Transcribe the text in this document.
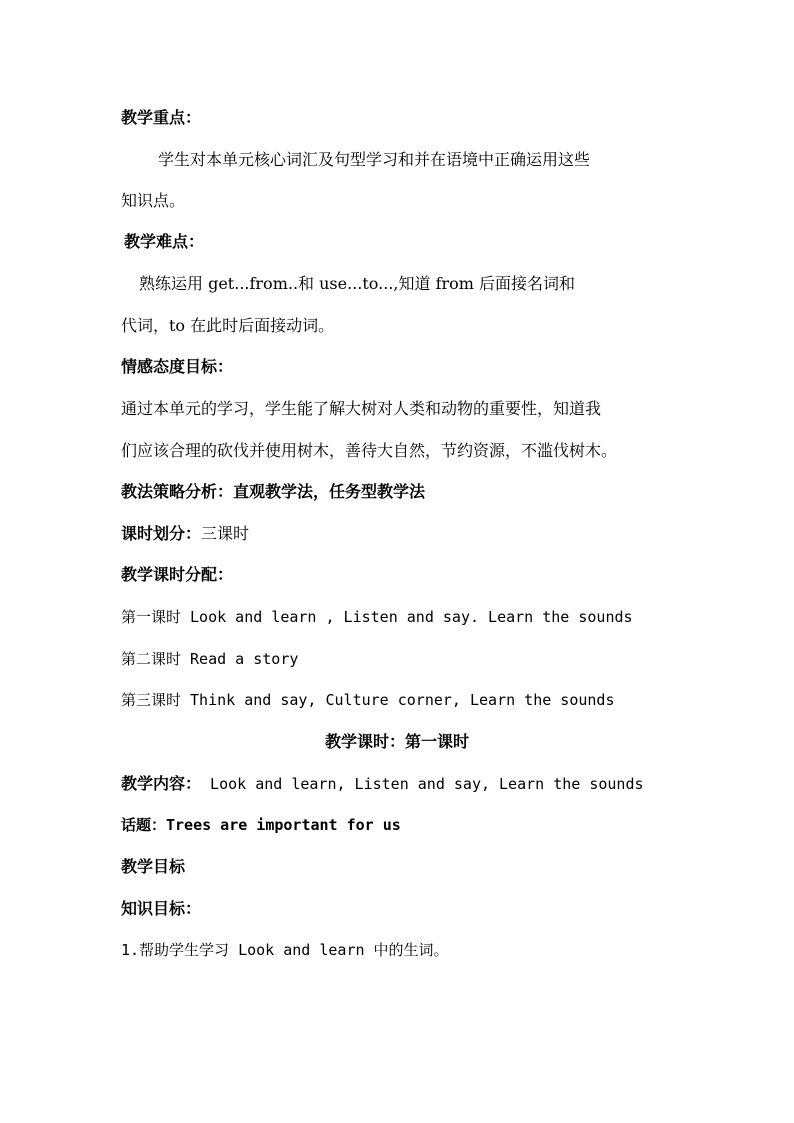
教学重点：
学生对本单元核心词汇及句型学习和并在语境中正确运用这些
知识点。
教学难点：
熟练运用 get...from..和 use...to...,知道 from 后面接名词和
代词，to 在此时后面接动词。
情感态度目标：
通过本单元的学习，学生能了解大树对人类和动物的重要性，知道我
们应该合理的砍伐并使用树木，善待大自然，节约资源，不滥伐树木。
教法策略分析：直观教学法，任务型教学法
课时划分：三课时
教学课时分配：
第一课时 Look and learn , Listen and say. Learn the sounds
第二课时 Read a story
第三课时 Think and say, Culture corner, Learn the sounds
教学课时：第一课时
教学内容： Look and learn, Listen and say, Learn the sounds
话题：Trees are important for us
教学目标
知识目标：
1.帮助学生学习 Look and learn 中的生词。
